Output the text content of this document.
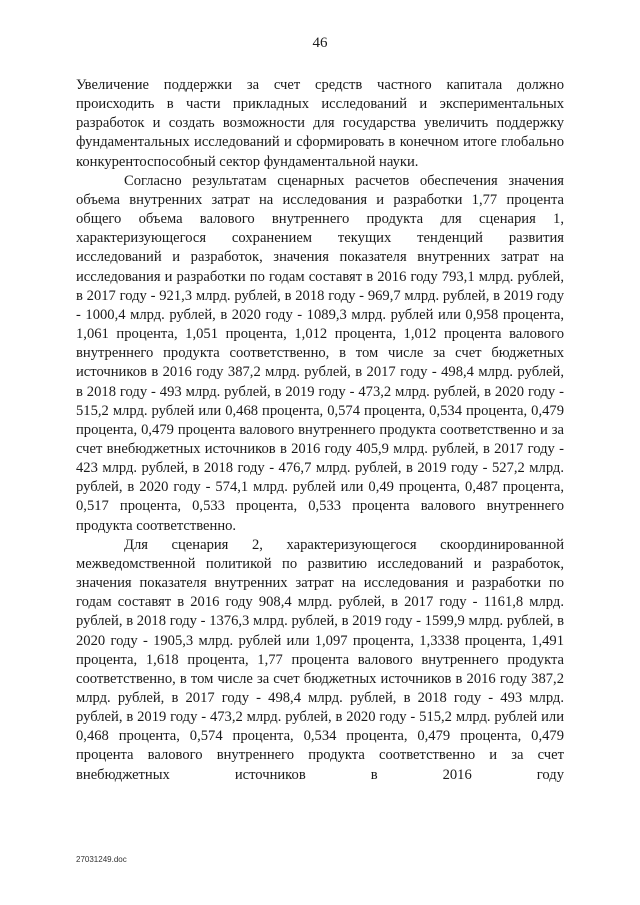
46

Увеличение поддержки за счет средств частного капитала должно происходить в части прикладных исследований и экспериментальных разработок и создать возможности для государства увеличить поддержку фундаментальных исследований и сформировать в конечном итоге глобально конкурентоспособный сектор фундаментальной науки.

Согласно результатам сценарных расчетов обеспечения значения объема внутренних затрат на исследования и разработки 1,77 процента общего объема валового внутреннего продукта для сценария 1, характеризующегося сохранением текущих тенденций развития исследований и разработок, значения показателя внутренних затрат на исследования и разработки по годам составят в 2016 году 793,1 млрд. рублей, в 2017 году - 921,3 млрд. рублей, в 2018 году - 969,7 млрд. рублей, в 2019 году - 1000,4 млрд. рублей, в 2020 году - 1089,3 млрд. рублей или 0,958 процента, 1,061 процента, 1,051 процента, 1,012 процента, 1,012 процента валового внутреннего продукта соответственно, в том числе за счет бюджетных источников в 2016 году 387,2 млрд. рублей, в 2017 году - 498,4 млрд. рублей, в 2018 году - 493 млрд. рублей, в 2019 году - 473,2 млрд. рублей, в 2020 году - 515,2 млрд. рублей или 0,468 процента, 0,574 процента, 0,534 процента, 0,479 процента, 0,479 процента валового внутреннего продукта соответственно и за счет внебюджетных источников в 2016 году 405,9 млрд. рублей, в 2017 году - 423 млрд. рублей, в 2018 году - 476,7 млрд. рублей, в 2019 году - 527,2 млрд. рублей, в 2020 году - 574,1 млрд. рублей или 0,49 процента, 0,487 процента, 0,517 процента, 0,533 процента, 0,533 процента валового внутреннего продукта соответственно.

Для сценария 2, характеризующегося скоординированной межведомственной политикой по развитию исследований и разработок, значения показателя внутренних затрат на исследования и разработки по годам составят в 2016 году 908,4 млрд. рублей, в 2017 году - 1161,8 млрд. рублей, в 2018 году - 1376,3 млрд. рублей, в 2019 году - 1599,9 млрд. рублей, в 2020 году - 1905,3 млрд. рублей или 1,097 процента, 1,3338 процента, 1,491 процента, 1,618 процента, 1,77 процента валового внутреннего продукта соответственно, в том числе за счет бюджетных источников в 2016 году 387,2 млрд. рублей, в 2017 году - 498,4 млрд. рублей, в 2018 году - 493 млрд. рублей, в 2019 году - 473,2 млрд. рублей, в 2020 году - 515,2 млрд. рублей или 0,468 процента, 0,574 процента, 0,534 процента, 0,479 процента, 0,479 процента валового внутреннего продукта соответственно и за счет внебюджетных источников в 2016 году

27031249.doc
